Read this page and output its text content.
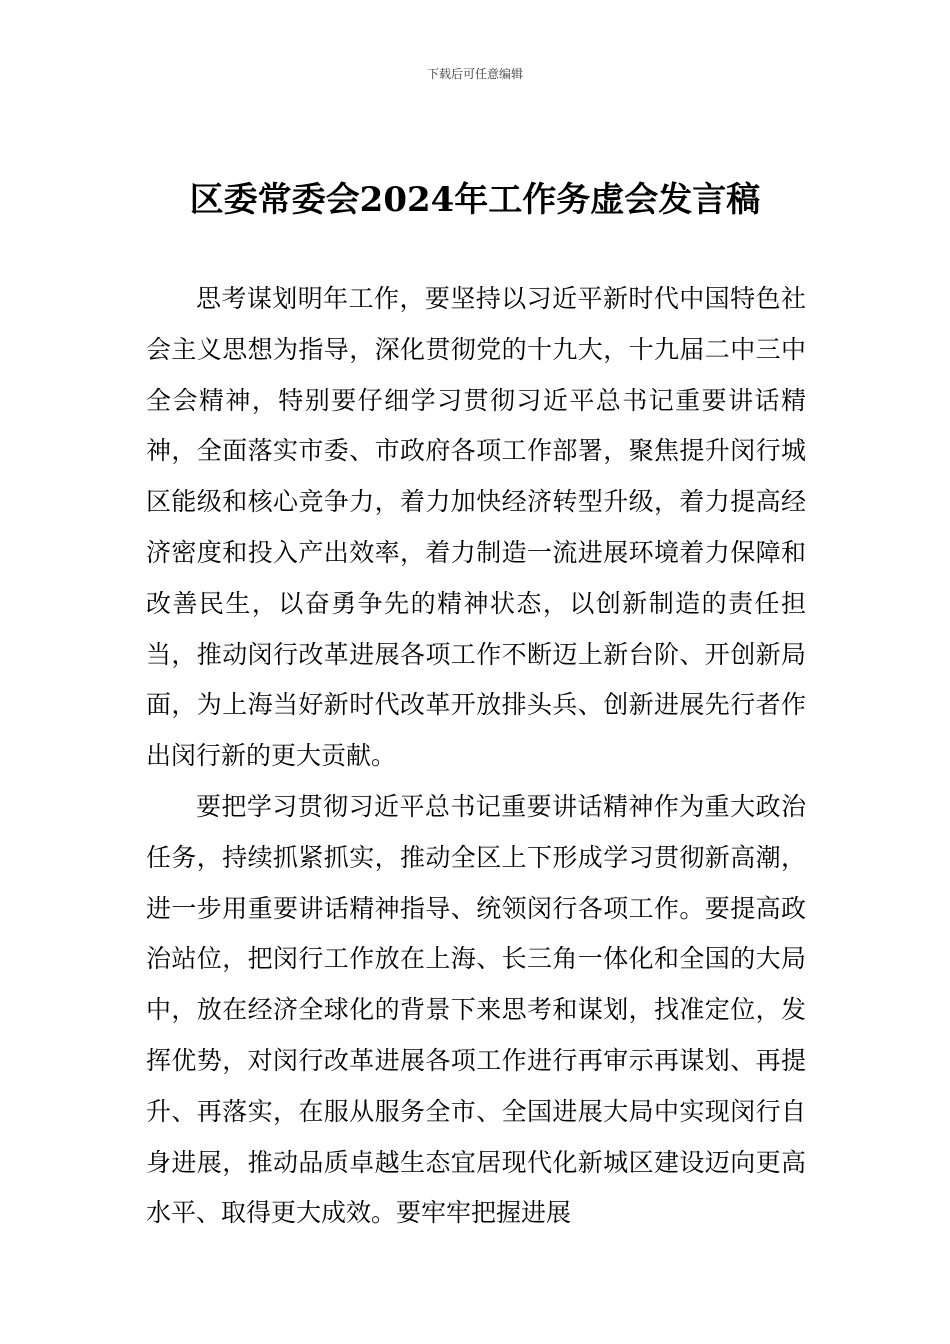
下载后可任意编辑
区委常委会2024年工作务虚会发言稿

思考谋划明年工作，要坚持以习近平新时代中国特色社会主义思想为指导，深化贯彻党的十九大，十九届二中三中全会精神，特别要仔细学习贯彻习近平总书记重要讲话精神，全面落实市委、市政府各项工作部署，聚焦提升闵行城区能级和核心竞争力，着力加快经济转型升级，着力提高经济密度和投入产出效率，着力制造一流进展环境着力保障和改善民生，以奋勇争先的精神状态，以创新制造的责任担当，推动闵行改革进展各项工作不断迈上新台阶、开创新局面，为上海当好新时代改革开放排头兵、创新进展先行者作出闵行新的更大贡献。

要把学习贯彻习近平总书记重要讲话精神作为重大政治任务，持续抓紧抓实，推动全区上下形成学习贯彻新高潮，进一步用重要讲话精神指导、统领闵行各项工作。要提高政治站位，把闵行工作放在上海、长三角一体化和全国的大局中，放在经济全球化的背景下来思考和谋划，找准定位，发挥优势，对闵行改革进展各项工作进行再审示再谋划、再提升、再落实，在服从服务全市、全国进展大局中实现闵行自身进展，推动品质卓越生态宜居现代化新城区建设迈向更高水平、取得更大成效。要牢牢把握进展
